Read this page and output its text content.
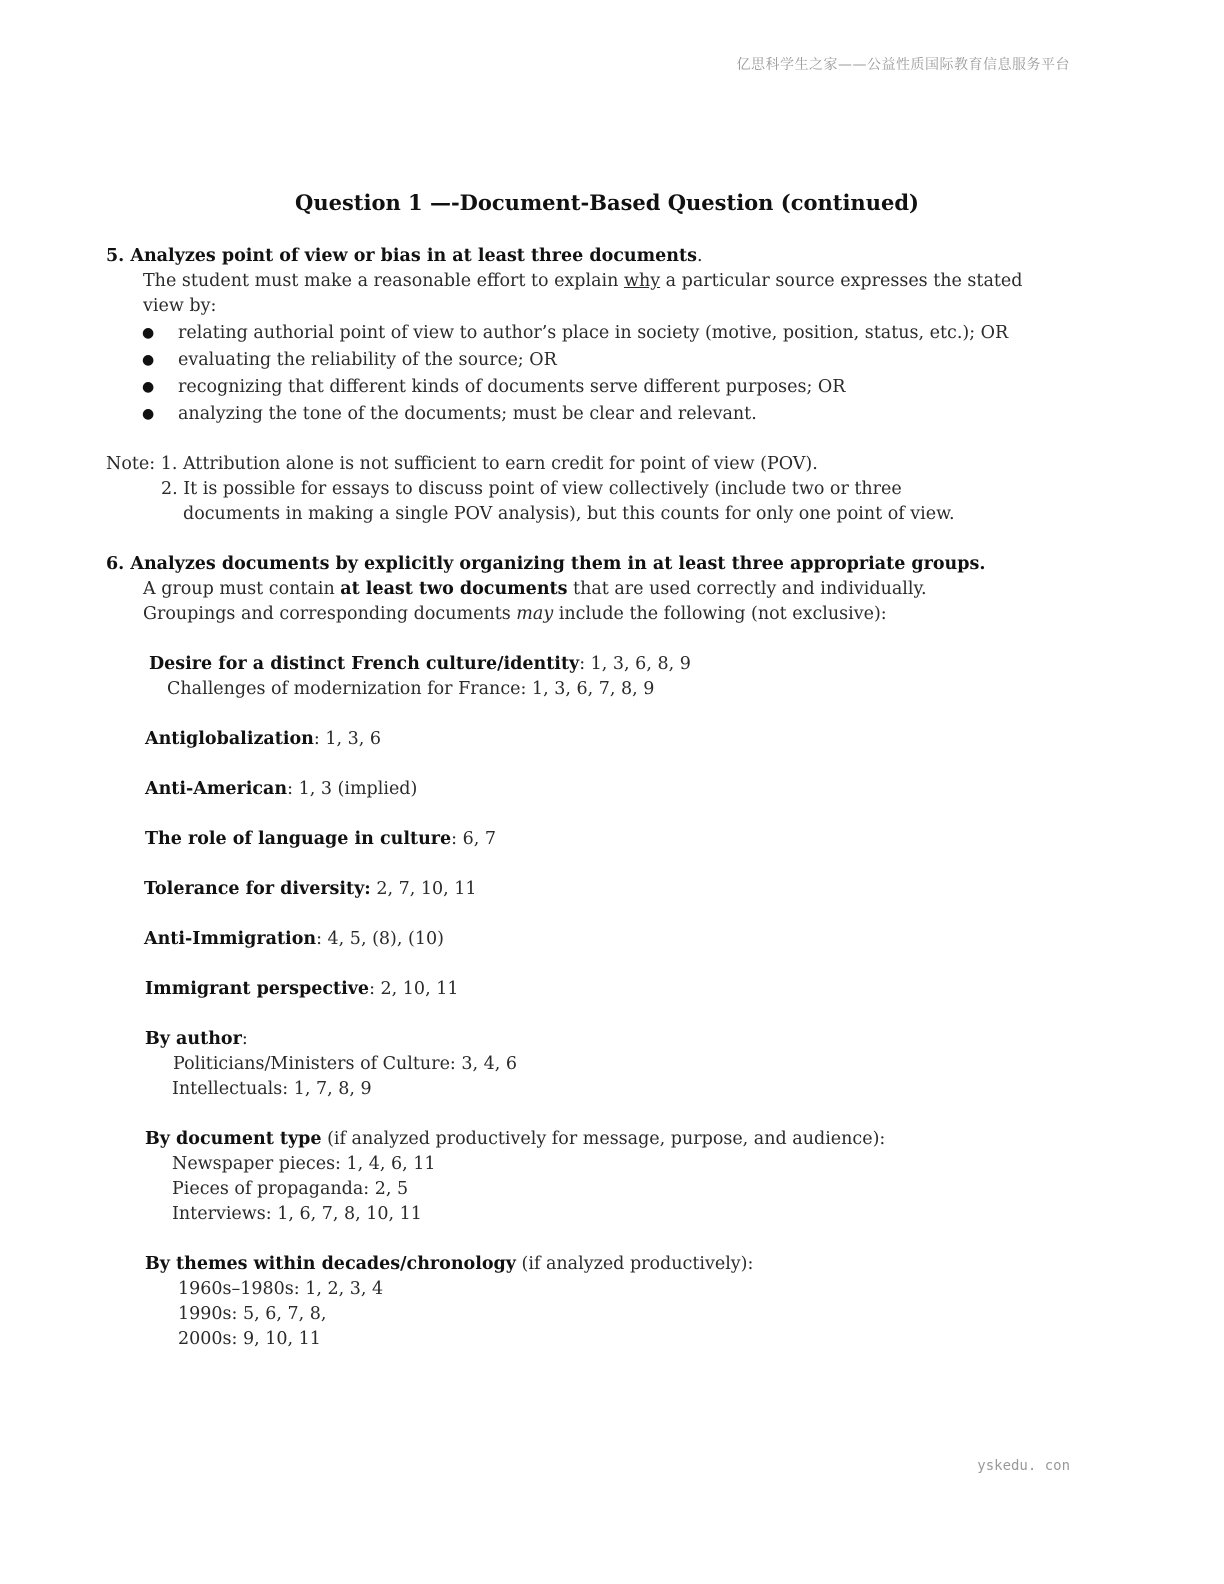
亿思科学生之家——公益性质国际教育信息服务平台
Question 1 —-Document-Based Question (continued)
5. Analyzes point of view or bias in at least three documents.
The student must make a reasonable effort to explain why a particular source expresses the stated
view by:
● relating authorial point of view to author’s place in society (motive, position, status, etc.); OR
● evaluating the reliability of the source; OR
● recognizing that different kinds of documents serve different purposes; OR
● analyzing the tone of the documents; must be clear and relevant.
Note: 1. Attribution alone is not sufficient to earn credit for point of view (POV).
2. It is possible for essays to discuss point of view collectively (include two or three
documents in making a single POV analysis), but this counts for only one point of view.
6. Analyzes documents by explicitly organizing them in at least three appropriate groups.
A group must contain at least two documents that are used correctly and individually.
Groupings and corresponding documents may include the following (not exclusive):
Desire for a distinct French culture/identity: 1, 3, 6, 8, 9
Challenges of modernization for France: 1, 3, 6, 7, 8, 9
Antiglobalization: 1, 3, 6
Anti-American: 1, 3 (implied)
The role of language in culture: 6, 7
Tolerance for diversity: 2, 7, 10, 11
Anti-Immigration: 4, 5, (8), (10)
Immigrant perspective: 2, 10, 11
By author:
Politicians/Ministers of Culture: 3, 4, 6
Intellectuals: 1, 7, 8, 9
By document type (if analyzed productively for message, purpose, and audience):
Newspaper pieces: 1, 4, 6, 11
Pieces of propaganda: 2, 5
Interviews: 1, 6, 7, 8, 10, 11
By themes within decades/chronology (if analyzed productively):
1960s–1980s: 1, 2, 3, 4
1990s: 5, 6, 7, 8,
2000s: 9, 10, 11
yskedu. con
